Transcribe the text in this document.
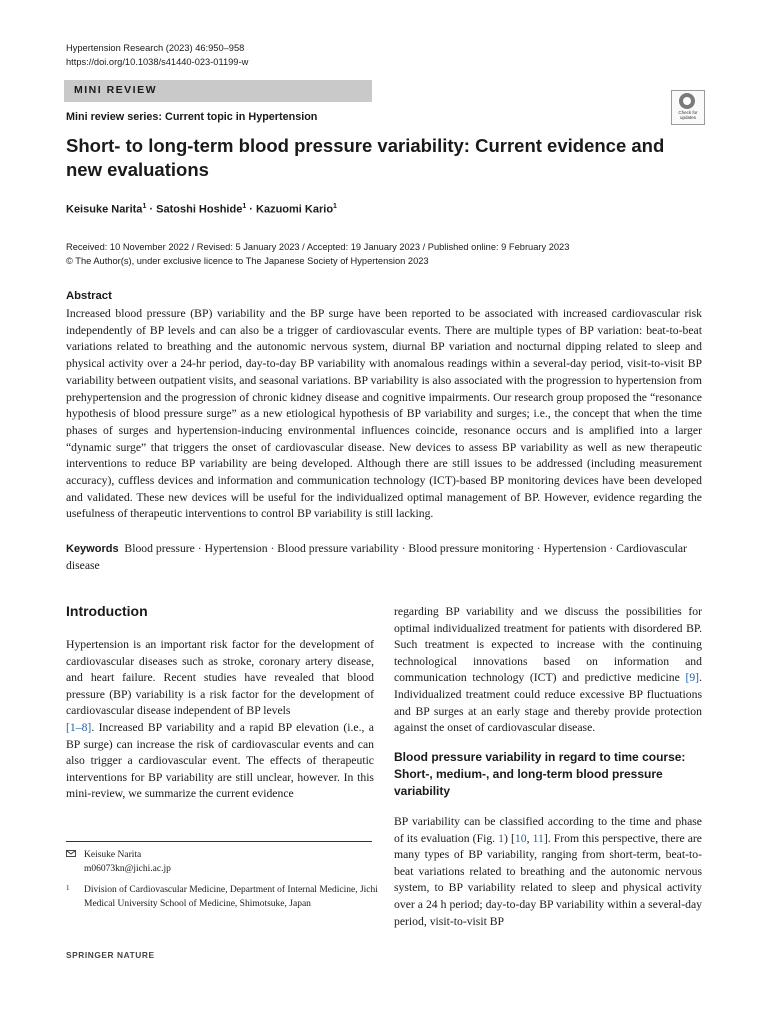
Hypertension Research (2023) 46:950–958
https://doi.org/10.1038/s41440-023-01199-w
MINI REVIEW
Check for updates
Mini review series: Current topic in Hypertension
Short- to long-term blood pressure variability: Current evidence and new evaluations
Keisuke Narita$^1$ · Satoshi Hoshide$^1$ · Kazuomi Kario$^1$
Received: 10 November 2022 / Revised: 5 January 2023 / Accepted: 19 January 2023 / Published online: 9 February 2023
© The Author(s), under exclusive licence to The Japanese Society of Hypertension 2023
Abstract

Increased blood pressure (BP) variability and the BP surge have been reported to be associated with increased cardiovascular risk independently of BP levels and can also be a trigger of cardiovascular events. There are multiple types of BP variation: beat-to-beat variations related to breathing and the autonomic nervous system, diurnal BP variation and nocturnal dipping related to sleep and physical activity over a 24-hr period, day-to-day BP variability with anomalous readings within a several-day period, visit-to-visit BP variability between outpatient visits, and seasonal variations. BP variability is also associated with the progression to hypertension from prehypertension and the progression of chronic kidney disease and cognitive impairments. Our research group proposed the “resonance hypothesis of blood pressure surge” as a new etiological hypothesis of BP variability and surges; i.e., the concept that when the time phases of surges and hypertension-inducing environmental influences coincide, resonance occurs and is amplified into a larger “dynamic surge” that triggers the onset of cardiovascular disease. New devices to assess BP variability as well as new therapeutic interventions to reduce BP variability are being developed. Although there are still issues to be addressed (including measurement accuracy), cuffless devices and information and communication technology (ICT)-based BP monitoring devices have been developed and validated. These new devices will be useful for the individualized optimal management of BP. However, evidence regarding the usefulness of therapeutic interventions to control BP variability is still lacking.

Keywords Blood pressure · Hypertension · Blood pressure variability · Blood pressure monitoring · Hypertension · Cardiovascular disease

Introduction

Hypertension is an important risk factor for the development of cardiovascular diseases such as stroke, coronary artery disease, and heart failure. Recent studies have revealed that blood pressure (BP) variability is a risk factor for the development of cardiovascular disease independent of BP levels
[1–8]. Increased BP variability and a rapid BP elevation (i.e., a BP surge) can increase the risk of cardiovascular events and can also trigger a cardiovascular event. The effects of therapeutic interventions for BP variability are still unclear, however. In this mini-review, we summarize the current evidence

regarding BP variability and we discuss the possibilities for optimal individualized treatment for patients with disordered BP. Such treatment is expected to increase with the continuing technological innovations based on information and communication technology (ICT) and predictive medicine [9]. Individualized treatment could reduce excessive BP fluctuations and BP surges at an early stage and thereby provide protection against the onset of cardiovascular disease.

Blood pressure variability in regard to time course: Short-, medium-, and long-term blood pressure variability

BP variability can be classified according to the time and phase of its evaluation (Fig. 1) [10, 11]. From this perspective, there are many types of BP variability, ranging from short-term, beat-to-beat variations related to breathing and the autonomic nervous system, to BP variability related to sleep and physical activity over a 24 h period; day-to-day BP variability within a several-day period, visit-to-visit BP

Keisuke Narita
m06073kn@jichi.ac.jp
1 Division of Cardiovascular Medicine, Department of Internal Medicine, Jichi Medical University School of Medicine, Shimotsuke, Japan
SPRINGER NATURE
